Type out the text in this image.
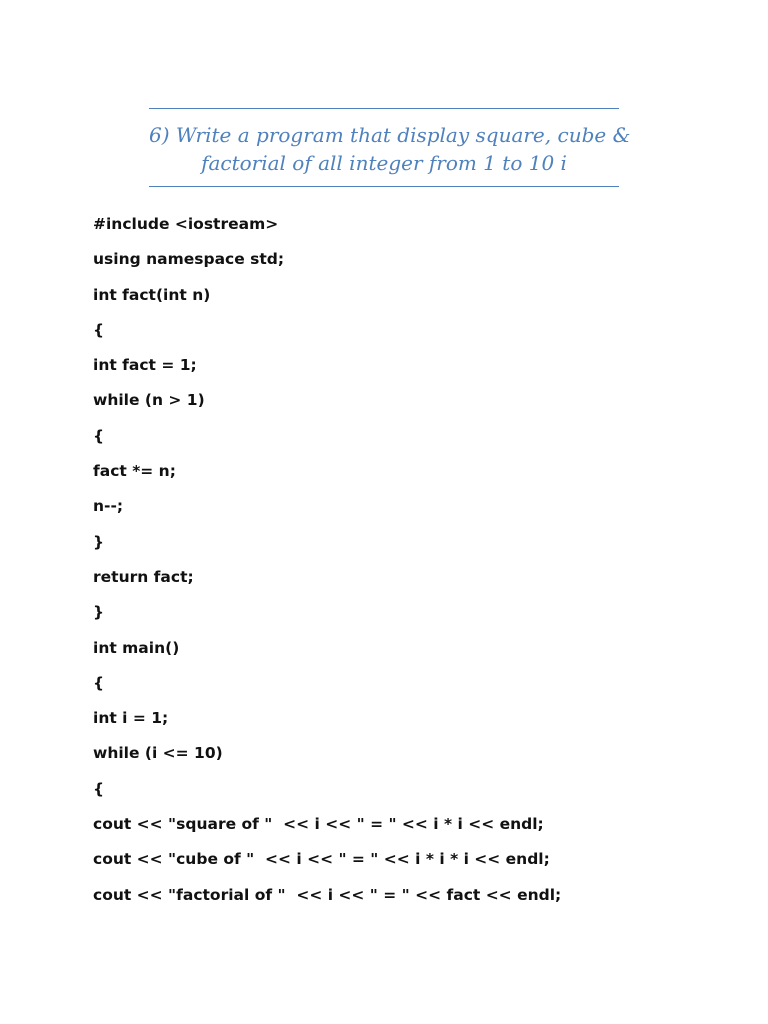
6) Write a program that display square, cube &
factorial of all integer from 1 to 10 i
#include <iostream>
using namespace std;
int fact(int n)
{
int fact = 1;
while (n > 1)
{
fact *= n;
n--;
}
return fact;
}
int main()
{
int i = 1;
while (i <= 10)
{
cout << "square of "  << i << " = " << i * i << endl;
cout << "cube of "  << i << " = " << i * i * i << endl;
cout << "factorial of "  << i << " = " << fact << endl;
